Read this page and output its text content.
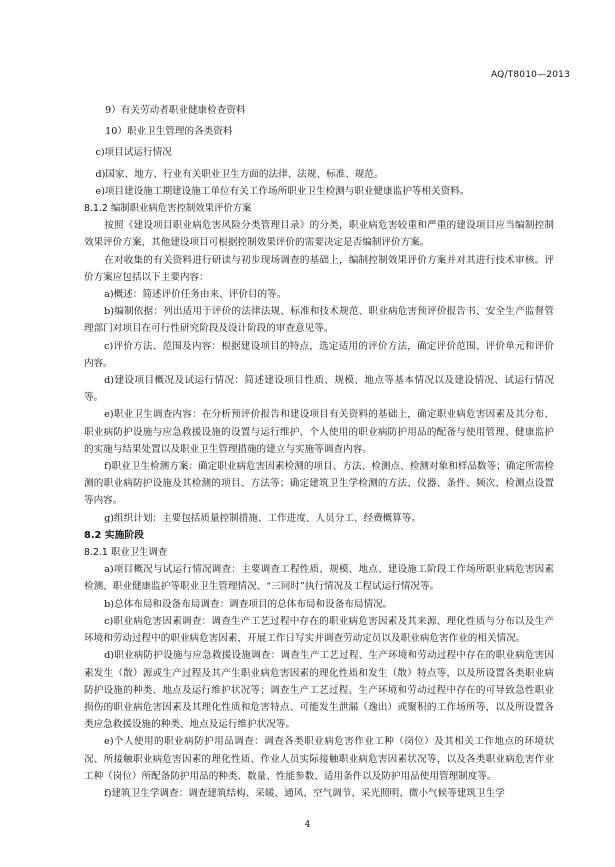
AQ/T8010—2013

9）有关劳动者职业健康检查资料

10）职业卫生管理的各类资料

c)项目试运行情况

d)国家、地方、行业有关职业卫生方面的法律、法规、标准、规范。

e)项目建设施工期建设施工单位有关工作场所职业卫生检测与职业健康监护等相关资料。

8.1.2 编制职业病危害控制效果评价方案

按照《建设项目职业病危害风险分类管理目录》的分类，职业病危害较重和严重的建设项目应当编制控制效果评价方案，其他建设项目可根据控制效果评价的需要决定是否编制评价方案。

在对收集的有关资料进行研读与初步现场调查的基础上，编制控制效果评价方案并对其进行技术审核。评价方案应包括以下主要内容：

a)概述：简述评价任务由来、评价目的等。

b)编制依据：列出适用于评价的法律法规、标准和技术规范、职业病危害预评价报告书、安全生产监督管理部门对项目在可行性研究阶段及设计阶段的审查意见等。

c)评价方法、范围及内容：根据建设项目的特点，选定适用的评价方法，确定评价范围、评价单元和评价内容。

d)建设项目概况及试运行情况：简述建设项目性质、规模、地点等基本情况以及建设情况、试运行情况等。

e)职业卫生调查内容：在分析预评价报告和建设项目有关资料的基础上，确定职业病危害因素及其分布、职业病防护设施与应急救援设施的设置与运行维护、个人使用的职业病防护用品的配备与使用管理、健康监护的实施与结果处置以及职业卫生管理措施的建立与实施等调查内容。

f)职业卫生检测方案：确定职业病危害因素检测的项目、方法、检测点、检测对象和样品数等；确定所需检测的职业病防护设施及其检测的项目、方法等；确定建筑卫生学检测的方法、仪器、条件、频次、检测点设置等内容。

g)组织计划：主要包括质量控制措施、工作进度、人员分工、经费概算等。

8.2 实施阶段

8.2.1 职业卫生调查

a)项目概况与试运行情况调查：主要调查工程性质、规模、地点、建设施工阶段工作场所职业病危害因素检测、职业健康监护等职业卫生管理情况、“三同时”执行情况及工程试运行情况等。

b)总体布局和设备布局调查：调查项目的总体布局和设备布局情况。

c)职业病危害因素调查：调查生产工艺过程中存在的职业病危害因素及其来源、理化性质与分布以及生产环境和劳动过程中的职业病危害因素，开展工作日写实并调查劳动定员以及职业病危害作业的相关情况。

d)职业病防护设施与应急救援设施调查：调查生产工艺过程、生产环境和劳动过程中存在的职业病危害因素发生（散）源或生产过程及其产生职业病危害因素的理化性质和发生（散）特点等，以及所设置各类职业病防护设施的种类、地点及运行维护状况等；调查生产工艺过程、生产环境和劳动过程中存在的可导致急性职业损伤的职业病危害因素及其理化性质和危害特点、可能发生泄漏（逸出）或聚积的工作场所等，以及所设置各类应急救援设施的种类、地点及运行维护状况等。

e)个人使用的职业病防护用品调查：调查各类职业病危害作业工种（岗位）及其相关工作地点的环境状况、所接触职业病危害因素的理化性质、作业人员实际接触职业病危害因素状况等，以及各类职业病危害作业工种（岗位）所配备防护用品的种类、数量、性能参数、适用条件以及防护用品使用管理制度等。

f)建筑卫生学调查：调查建筑结构、采暖、通风、空气调节、采光照明、微小气候等建筑卫生学

4
